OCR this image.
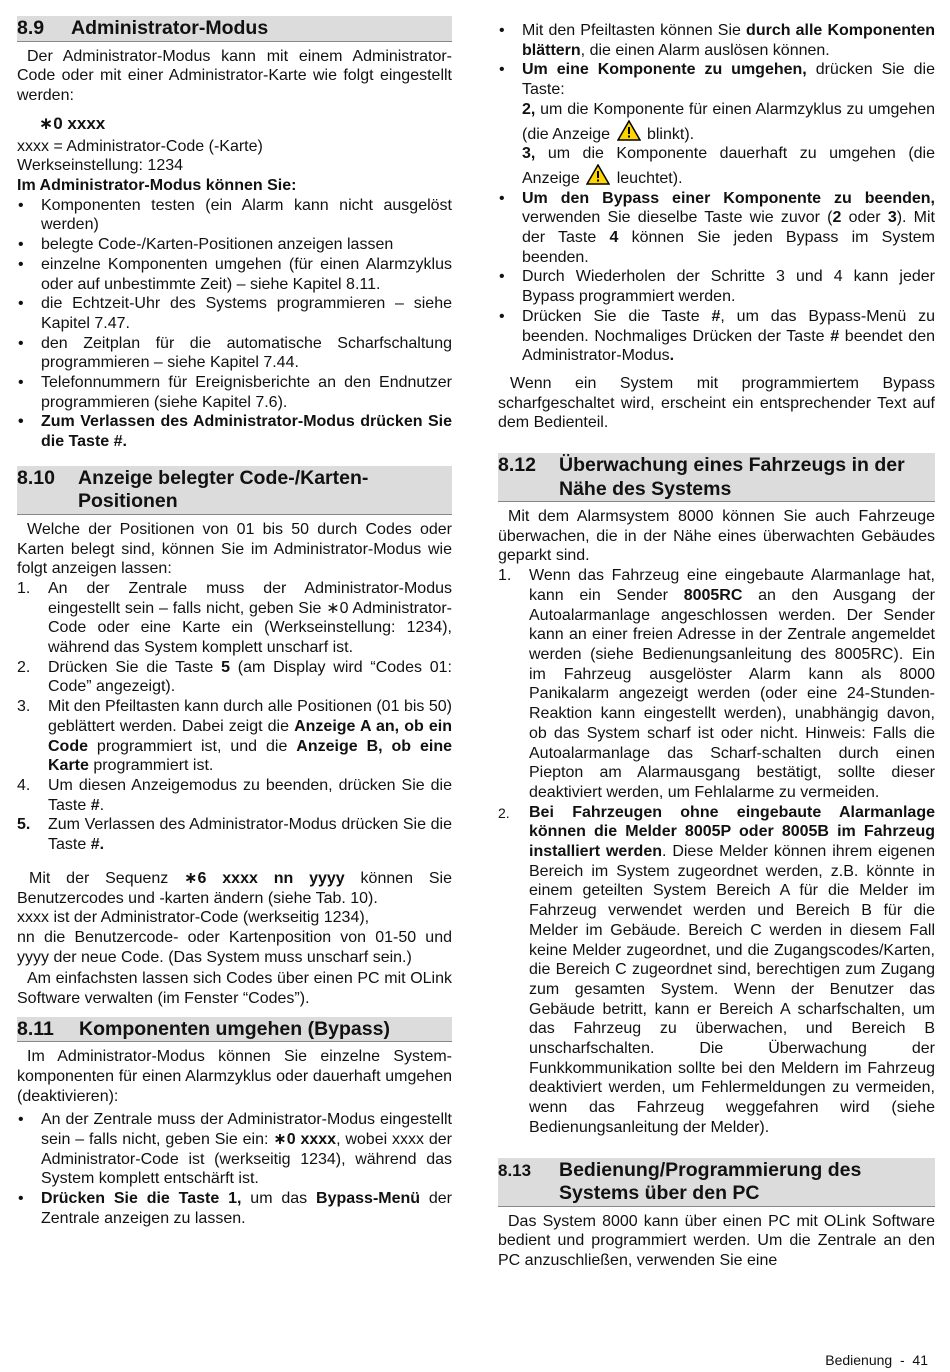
8.9	Administrator-Modus

Der Administrator-Modus kann mit einem Administrator-Code oder mit einer Administrator-Karte wie folgt eingestellt werden:

∗0 xxxx

xxxx = Administrator-Code (-Karte)

Werkseinstellung: 1234

Im Administrator-Modus können Sie:

• Komponenten testen (ein Alarm kann nicht ausgelöst werden)
• belegte Code-/Karten-Positionen anzeigen lassen
• einzelne Komponenten umgehen (für einen Alarmzyklus oder auf unbestimmte Zeit) – siehe Kapitel 8.11.
• die Echtzeit-Uhr des Systems programmieren – siehe Kapitel 7.47.
• den Zeitplan für die automatische Scharfschaltung programmieren – siehe Kapitel 7.44.
• Telefonnummern für Ereignisberichte an den Endnutzer programmieren (siehe Kapitel 7.6).
• Zum Verlassen des Administrator-Modus drücken Sie die Taste #.
8.10	Anzeige belegter Code-/Karten-Positionen

Welche der Positionen von 01 bis 50 durch Codes oder Karten belegt sind, können Sie im Administrator-Modus wie folgt anzeigen lassen:

1. An der Zentrale muss der Administrator-Modus eingestellt sein – falls nicht, geben Sie ∗0 Administrator-Code oder eine Karte ein (Werkseinstellung: 1234), während das System komplett unscharf ist.
2. Drücken Sie die Taste 5 (am Display wird “Codes 01: Code” angezeigt).
3. Mit den Pfeiltasten kann durch alle Positionen (01 bis 50) geblättert werden. Dabei zeigt die Anzeige A an, ob ein Code programmiert ist, und die Anzeige B, ob eine Karte programmiert ist.
4. Um diesen Anzeigemodus zu beenden, drücken Sie die Taste #.
5. Zum Verlassen des Administrator-Modus drücken Sie die Taste #.

Mit der Sequenz ∗6 xxxx nn yyyy können Sie Benutzercodes und -karten ändern (siehe Tab. 10).

xxxx ist der Administrator-Code (werkseitig 1234),

nn die Benutzercode- oder Kartenposition von 01-50 und yyyy der neue Code. (Das System muss unscharf sein.)

Am einfachsten lassen sich Codes über einen PC mit OLink Software verwalten (im Fenster “Codes”).

8.11	Komponenten umgehen (Bypass)

Im Administrator-Modus können Sie einzelne System-komponenten für einen Alarmzyklus oder dauerhaft umgehen (deaktivieren):

• An der Zentrale muss der Administrator-Modus eingestellt sein – falls nicht, geben Sie ein: ∗0 xxxx, wobei xxxx der Administrator-Code ist (werkseitig 1234), während das System komplett entschärft ist.
• Drücken Sie die Taste 1, um das Bypass-Menü der Zentrale anzeigen zu lassen.
• Mit den Pfeiltasten können Sie durch alle Komponenten blättern, die einen Alarm auslösen können.
• Um eine Komponente zu umgehen, drücken Sie die Taste:
2, um die Komponente für einen Alarmzyklus zu umgehen (die Anzeige  blinkt).
3, um die Komponente dauerhaft zu umgehen (die Anzeige  leuchtet).
• Um den Bypass einer Komponente zu beenden, verwenden Sie dieselbe Taste wie zuvor (2 oder 3). Mit der Taste 4 können Sie jeden Bypass im System beenden.
• Durch Wiederholen der Schritte 3 und 4 kann jeder Bypass programmiert werden.
• Drücken Sie die Taste #, um das Bypass-Menü zu beenden. Nochmaliges Drücken der Taste # beendet den Administrator-Modus.

Wenn ein System mit programmiertem Bypass scharfgeschaltet wird, erscheint ein entsprechender Text auf dem Bedienteil.

8.12	Überwachung eines Fahrzeugs in der Nähe des Systems

Mit dem Alarmsystem 8000 können Sie auch Fahrzeuge überwachen, die in der Nähe eines überwachten Gebäudes geparkt sind.

1. Wenn das Fahrzeug eine eingebaute Alarmanlage hat, kann ein Sender 8005RC an den Ausgang der Autoalarmanlage angeschlossen werden. Der Sender kann an einer freien Adresse in der Zentrale angemeldet werden (siehe Bedienungsanleitung des 8005RC). Ein im Fahrzeug ausgelöster Alarm kann als 8000 Panikalarm angezeigt werden (oder eine 24-Stunden-Reaktion kann eingestellt werden), unabhängig davon, ob das System scharf ist oder nicht. Hinweis: Falls die Autoalarmanlage das Scharf-schalten durch einen Piepton am Alarmausgang bestätigt, sollte dieser deaktiviert werden, um Fehlalarme zu vermeiden.
2. Bei Fahrzeugen ohne eingebaute Alarmanlage können die Melder 8005P oder 8005B im Fahrzeug installiert werden. Diese Melder können ihrem eigenen Bereich im System zugeordnet werden, z.B. könnte in einem geteilten System Bereich A für die Melder im Fahrzeug verwendet werden und Bereich B für die Melder im Gebäude. Bereich C werden in diesem Fall keine Melder zugeordnet, und die Zugangscodes/Karten, die Bereich C zugeordnet sind, berechtigen zum Zugang zum gesamten System. Wenn der Benutzer das Gebäude betritt, kann er Bereich A scharfschalten, um das Fahrzeug zu überwachen, und Bereich B unscharfschalten. Die Überwachung der Funkkommunikation sollte bei den Meldern im Fahrzeug deaktiviert werden, um Fehlermeldungen zu vermeiden, wenn das Fahrzeug weggefahren wird (siehe Bedienungsanleitung der Melder).
8.13	Bedienung/Programmierung des Systems über den PC

Das System 8000 kann über einen PC mit OLink Software bedient und programmiert werden. Um die Zentrale an den PC anzuschließen, verwenden Sie eine

Bedienung  -  41
